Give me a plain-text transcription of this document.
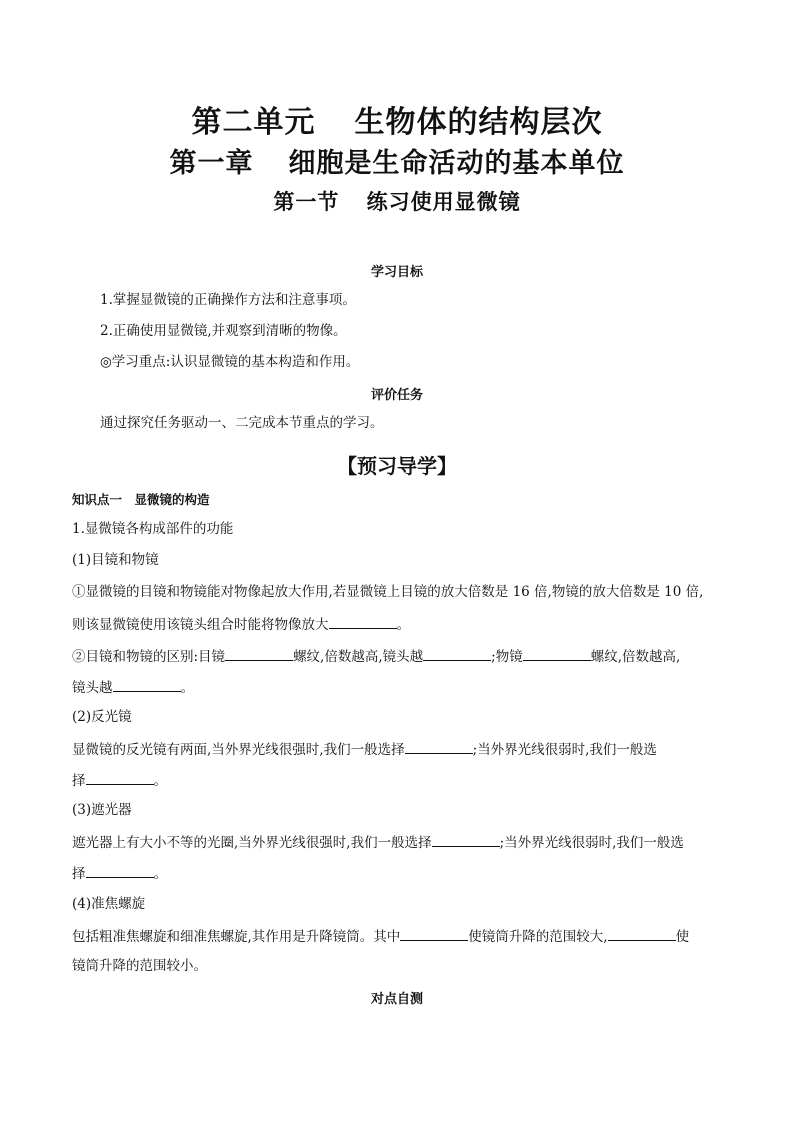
第二单元 生物体的结构层次
第一章 细胞是生命活动的基本单位
第一节 练习使用显微镜
学习目标
1.掌握显微镜的正确操作方法和注意事项。
2.正确使用显微镜,并观察到清晰的物像。
◎学习重点:认识显微镜的基本构造和作用。
评价任务
通过探究任务驱动一、二完成本节重点的学习。
【预习导学】
知识点一 显微镜的构造
1.显微镜各构成部件的功能
(1)目镜和物镜
①显微镜的目镜和物镜能对物像起放大作用,若显微镜上目镜的放大倍数是 16 倍,物镜的放大倍数是 10 倍,
则该显微镜使用该镜头组合时能将物像放大	。
②目镜和物镜的区别:目镜	螺纹,倍数越高,镜头越	;物镜	螺纹,倍数越高,
镜头越	。
(2)反光镜
显微镜的反光镜有两面,当外界光线很强时,我们一般选择	;当外界光线很弱时,我们一般选
择	。
(3)遮光器
遮光器上有大小不等的光圈,当外界光线很强时,我们一般选择	;当外界光线很弱时,我们一般选
择	。
(4)准焦螺旋
包括粗准焦螺旋和细准焦螺旋,其作用是升降镜筒。其中	使镜筒升降的范围较大,	使
镜筒升降的范围较小。
对点自测
